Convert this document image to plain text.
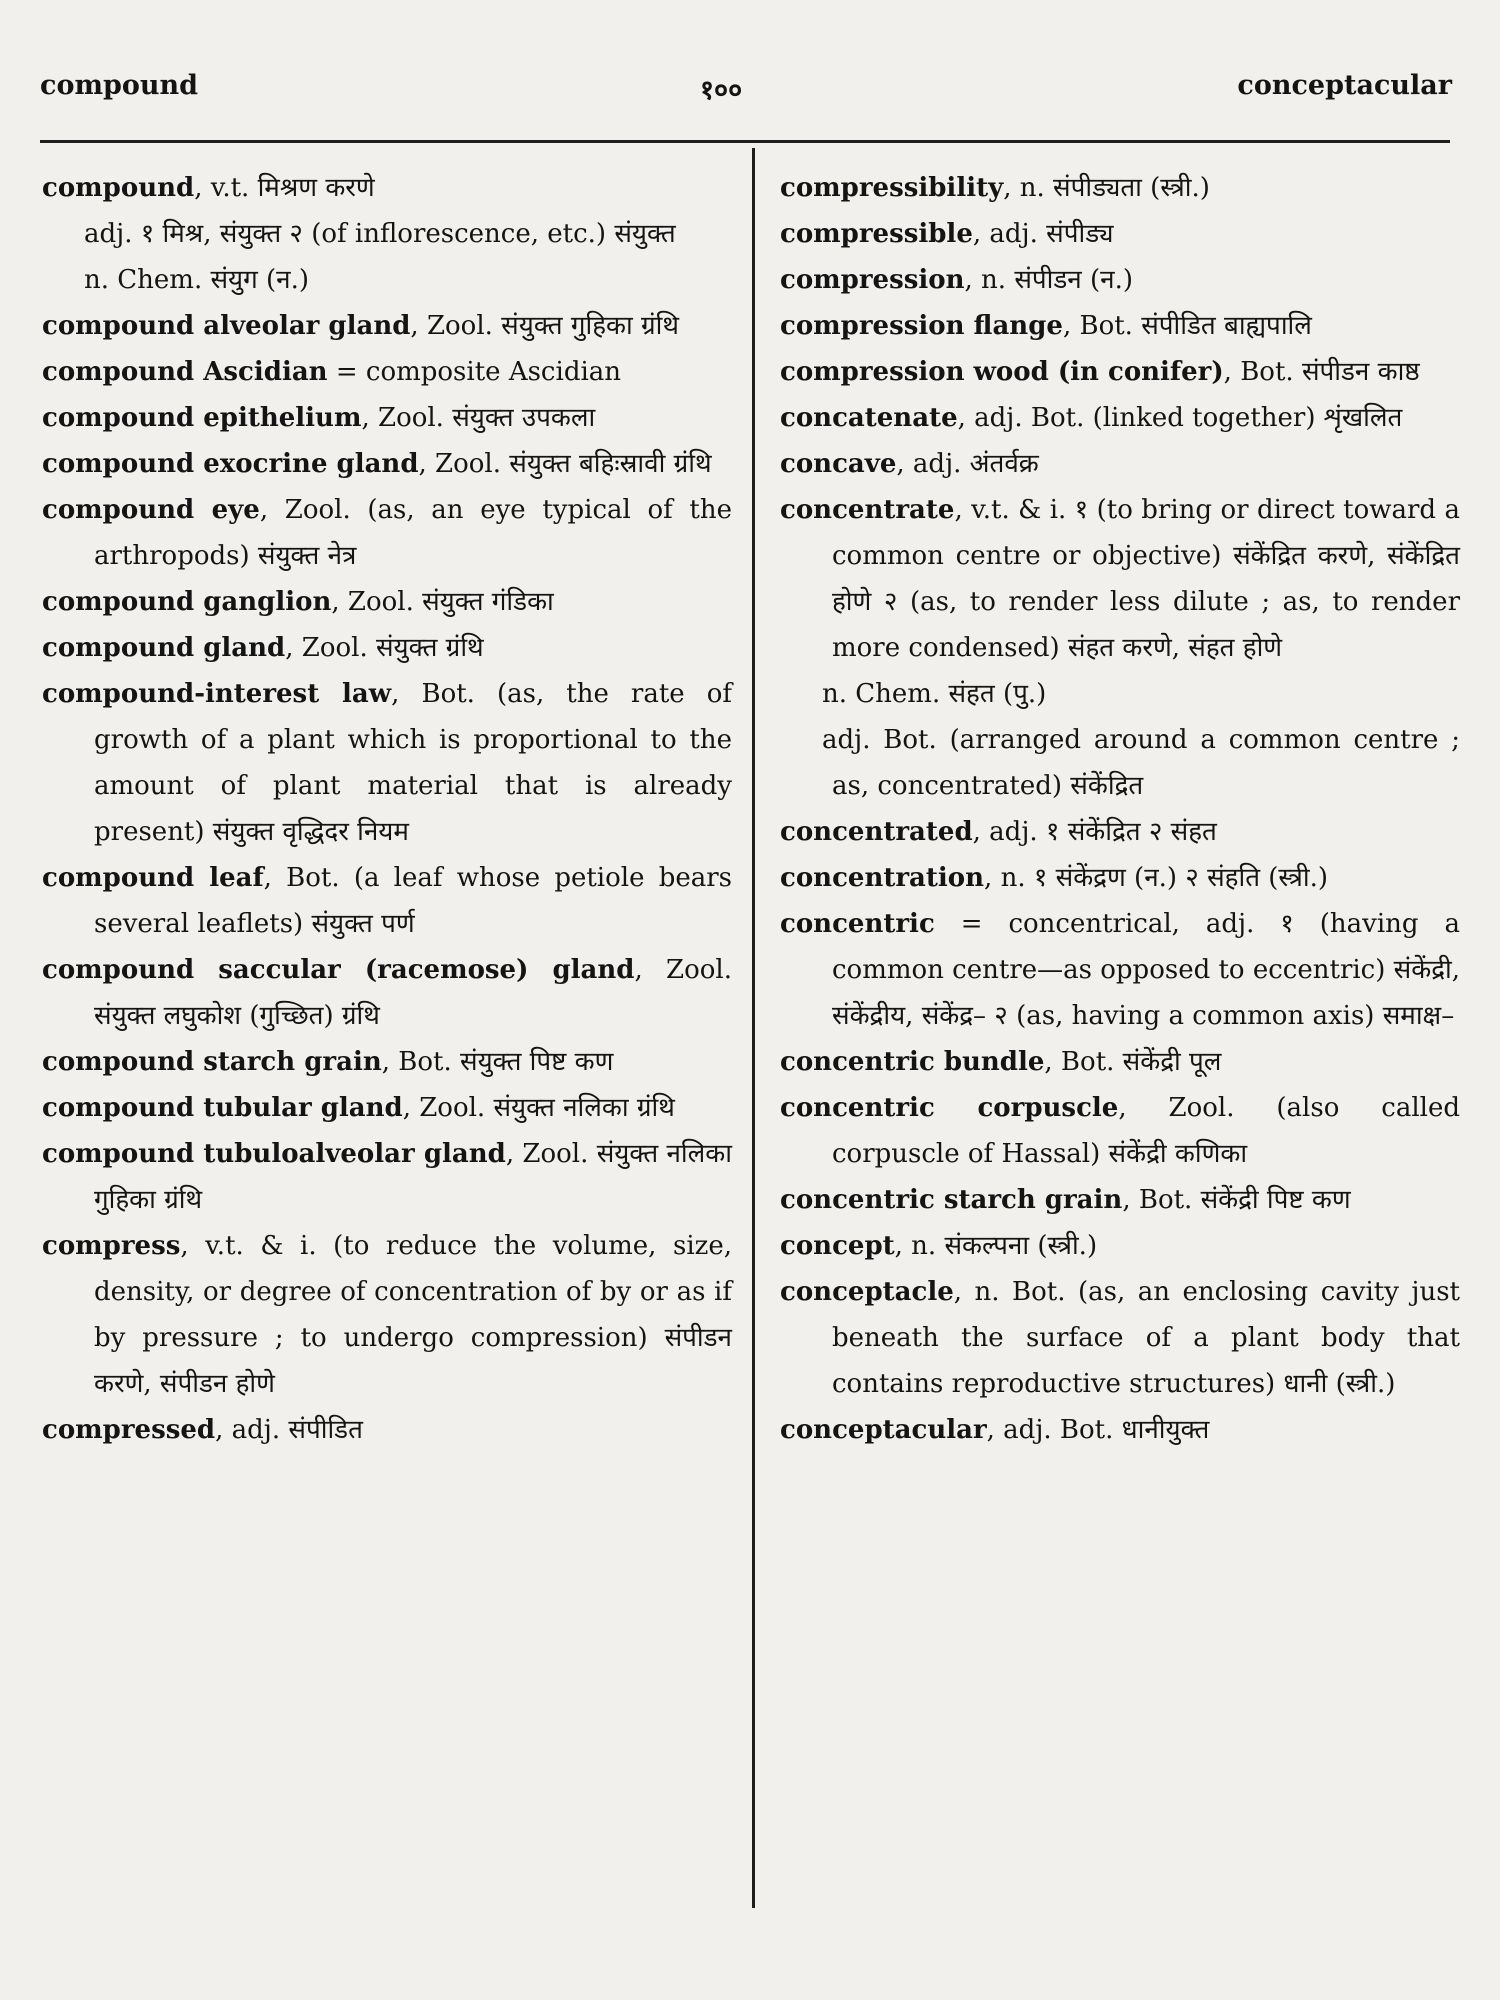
compound	१००	conceptacular

compound, v.t. मिश्रण करणे

adj. १ मिश्र, संयुक्त २ (of inflorescence, etc.) संयुक्त

n. Chem. संयुग (न.)

compound alveolar gland, Zool. संयुक्त गुहिका ग्रंथि

compound Ascidian = composite Ascidian

compound epithelium, Zool. संयुक्त उपकला

compound exocrine gland, Zool. संयुक्त बहिःस्रावी ग्रंथि

compound eye, Zool. (as, an eye typical of the arthropods) संयुक्त नेत्र

compound ganglion, Zool. संयुक्त गंडिका

compound gland, Zool. संयुक्त ग्रंथि

compound-interest law, Bot. (as, the rate of growth of a plant which is proportional to the amount of plant material that is already present) संयुक्त वृद्धिदर नियम

compound leaf, Bot. (a leaf whose petiole bears several leaflets) संयुक्त पर्ण

compound saccular (racemose) gland, Zool. संयुक्त लघुकोश (गुच्छित) ग्रंथि

compound starch grain, Bot. संयुक्त पिष्ट कण

compound tubular gland, Zool. संयुक्त नलिका ग्रंथि

compound tubuloalveolar gland, Zool. संयुक्त नलिका गुहिका ग्रंथि

compress, v.t. & i. (to reduce the volume, size, density, or degree of concentration of by or as if by pressure ; to undergo compression) संपीडन करणे, संपीडन होणे

compressed, adj. संपीडित

compressibility, n. संपीड्यता (स्त्री.)

compressible, adj. संपीड्य

compression, n. संपीडन (न.)

compression flange, Bot. संपीडित बाह्यपालि

compression wood (in conifer), Bot. संपीडन काष्ठ

concatenate, adj. Bot. (linked together) शृंखलित

concave, adj. अंतर्वक्र

concentrate, v.t. & i. १ (to bring or direct toward a common centre or objective) संकेंद्रित करणे, संकेंद्रित होणे २ (as, to render less dilute ; as, to render more condensed) संहत करणे, संहत होणे

n. Chem. संहत (पु.)

adj. Bot. (arranged around a common centre ; as, concentrated) संकेंद्रित

concentrated, adj. १ संकेंद्रित २ संहत

concentration, n. १ संकेंद्रण (न.) २ संहति (स्त्री.)

concentric = concentrical, adj. १ (having a common centre—as opposed to eccentric) संकेंद्री, संकेंद्रीय, संकेंद्र– २ (as, having a common axis) समाक्ष–

concentric bundle, Bot. संकेंद्री पूल

concentric corpuscle, Zool. (also called corpuscle of Hassal) संकेंद्री कणिका

concentric starch grain, Bot. संकेंद्री पिष्ट कण

concept, n. संकल्पना (स्त्री.)

conceptacle, n. Bot. (as, an enclosing cavity just beneath the surface of a plant body that contains reproductive structures) धानी (स्त्री.)

conceptacular, adj. Bot. धानीयुक्त
